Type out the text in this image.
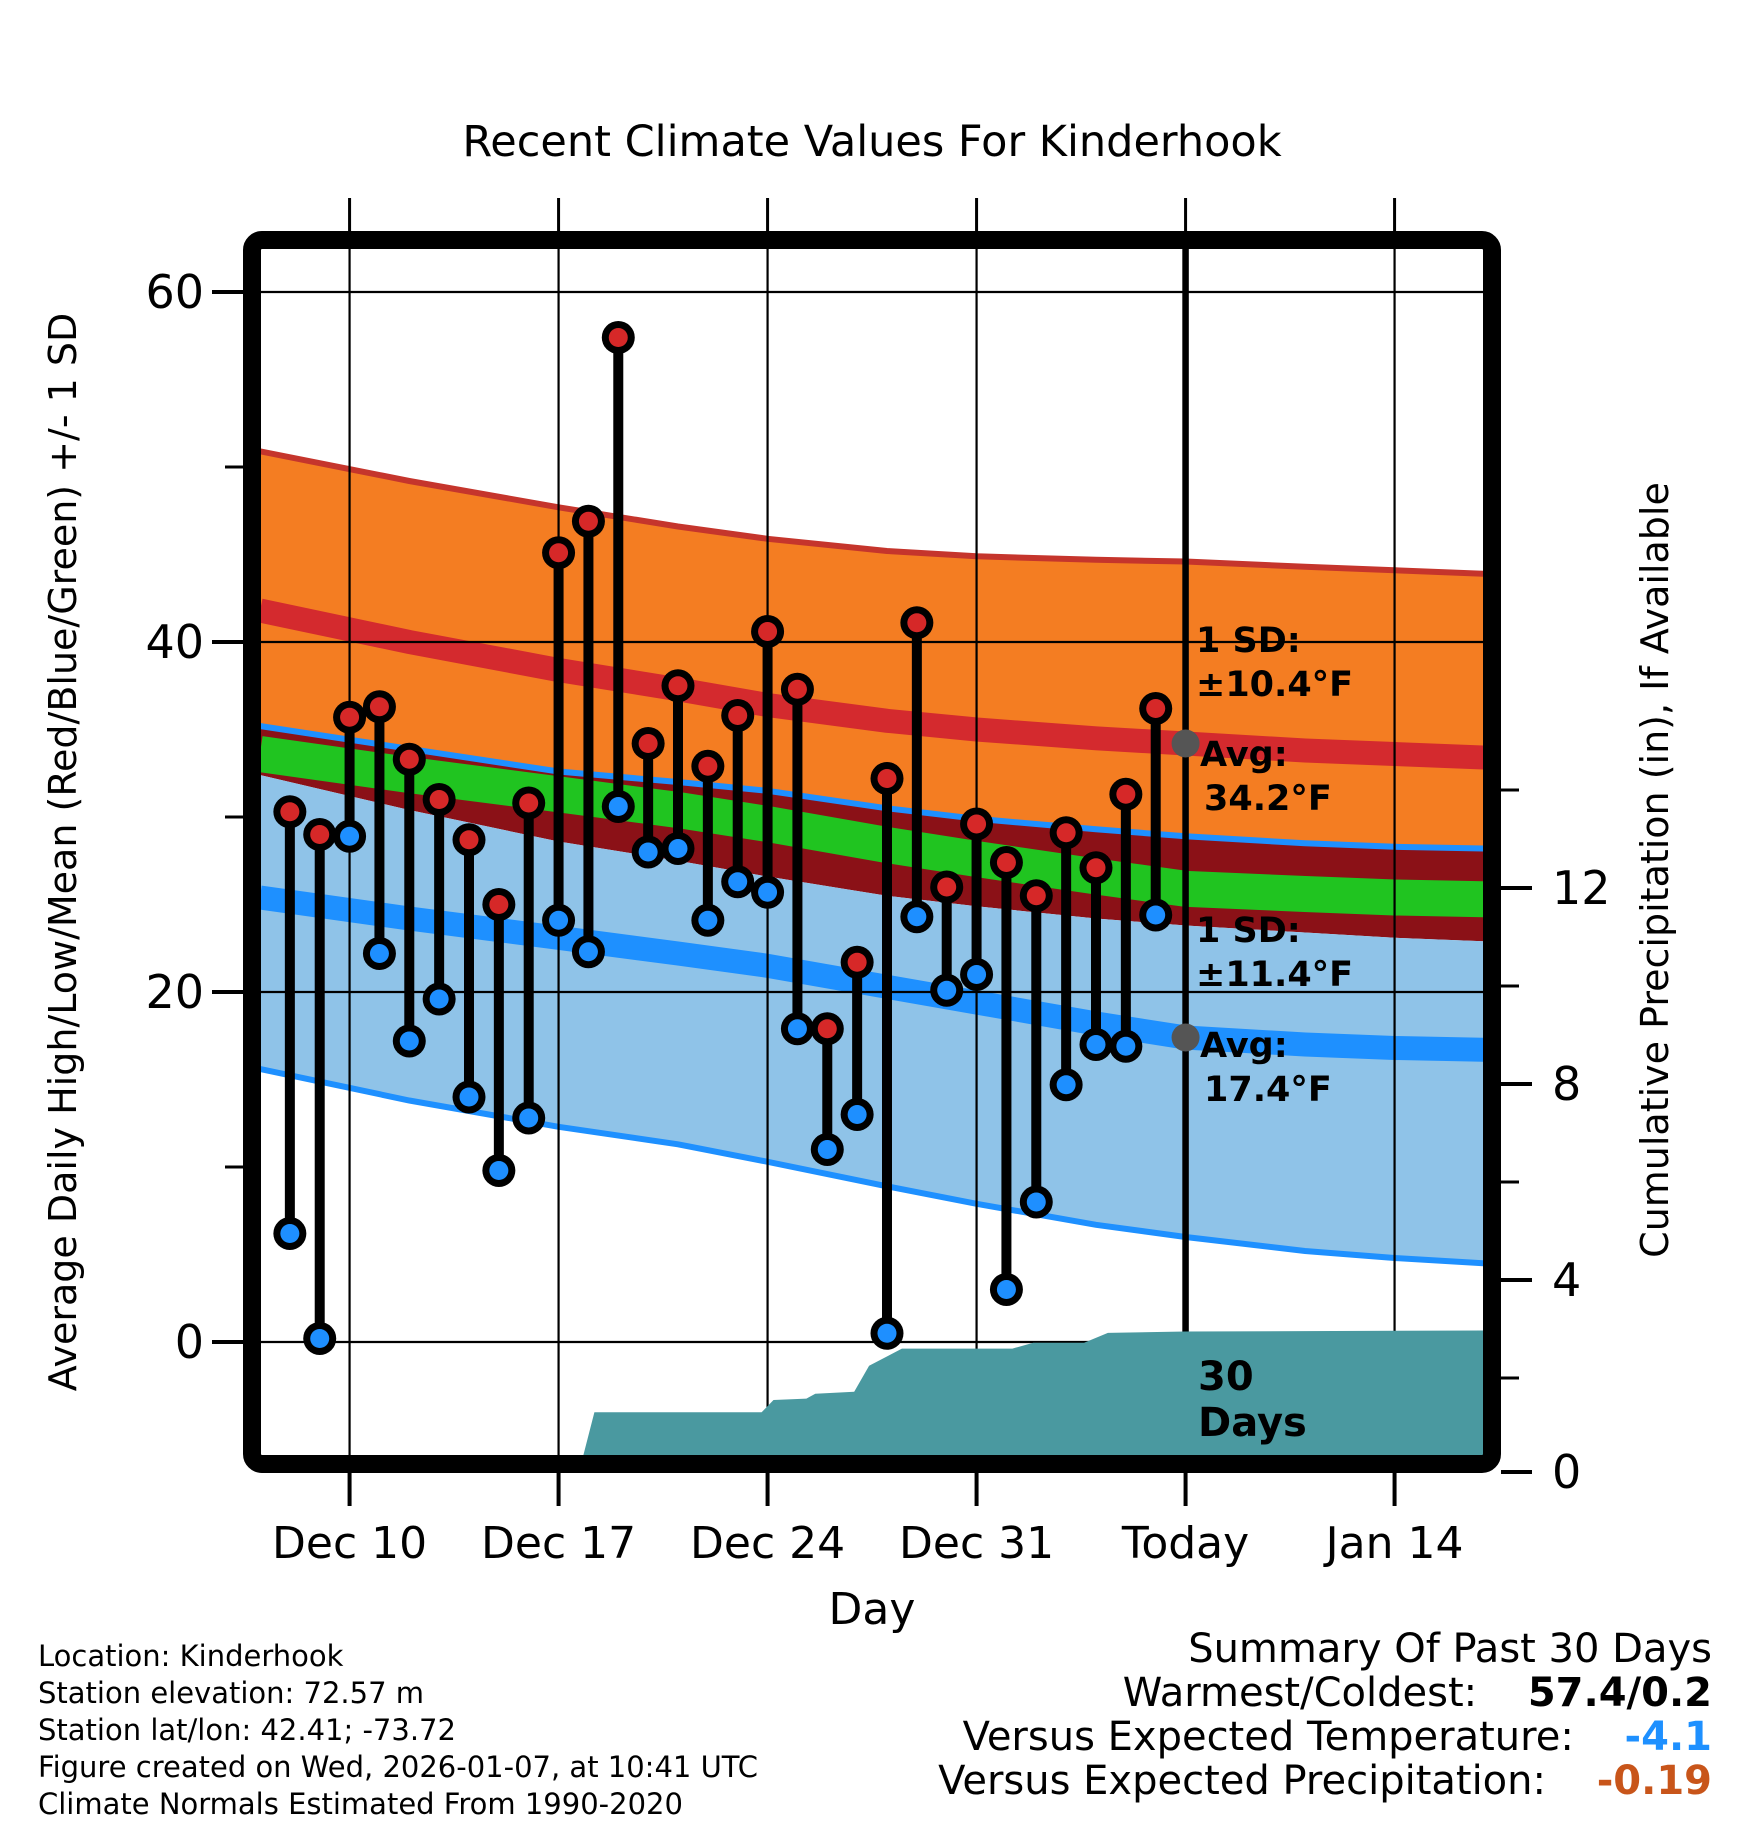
60
40
20
0
12
8
4
0
Dec 10 Dec 17 Dec 24 Dec 31 Today Jan 14
Recent Climate Values For Kinderhook
Average Daily High/Low/Mean (Red/Blue/Green) +/- 1 SD	Cumulative Precipitation (in), If Available
Day
1 SD:
±10.4°F
Avg:
34.2°F
1 SD:
±11.4°F
Avg:
17.4°F
30
Days
Location: Kinderhook
Station elevation: 72.57 m
Station lat/lon: 42.41; -73.72
Figure created on Wed, 2026-01-07, at 10:41 UTC
Climate Normals Estimated From 1990-2020
Summary Of Past 30 Days
Warmest/Coldest: 57.4/0.2
Versus Expected Temperature: -4.1
Versus Expected Precipitation: -0.19
